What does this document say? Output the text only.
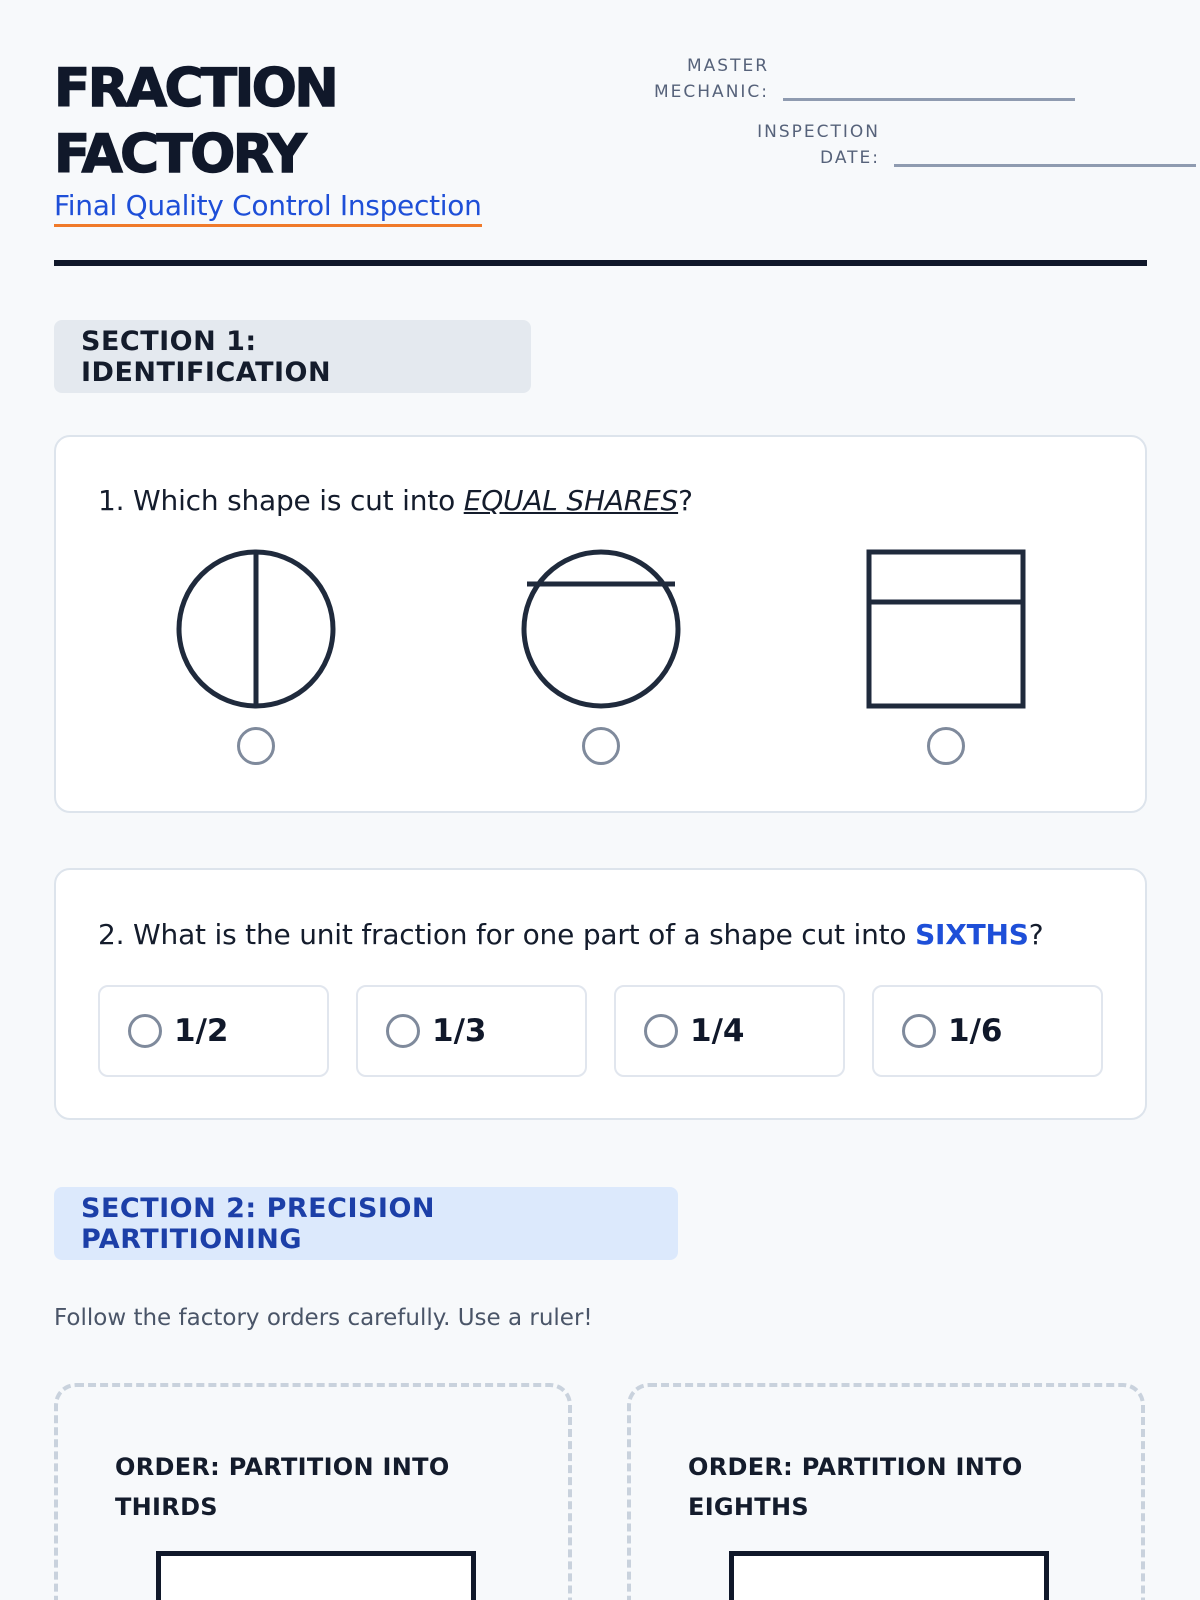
FRACTION
FACTORY
Final Quality Control Inspection
MASTER
MECHANIC:
INSPECTION
DATE:
SECTION 1: IDENTIFICATION
1. Which shape is cut into EQUAL SHARES?
2. What is the unit fraction for one part of a shape cut into SIXTHS?
1/2	1/3	1/4	1/6
SECTION 2: PRECISION PARTITIONING
Follow the factory orders carefully. Use a ruler!
ORDER: PARTITION INTO THIRDS
ORDER: PARTITION INTO EIGHTHS
